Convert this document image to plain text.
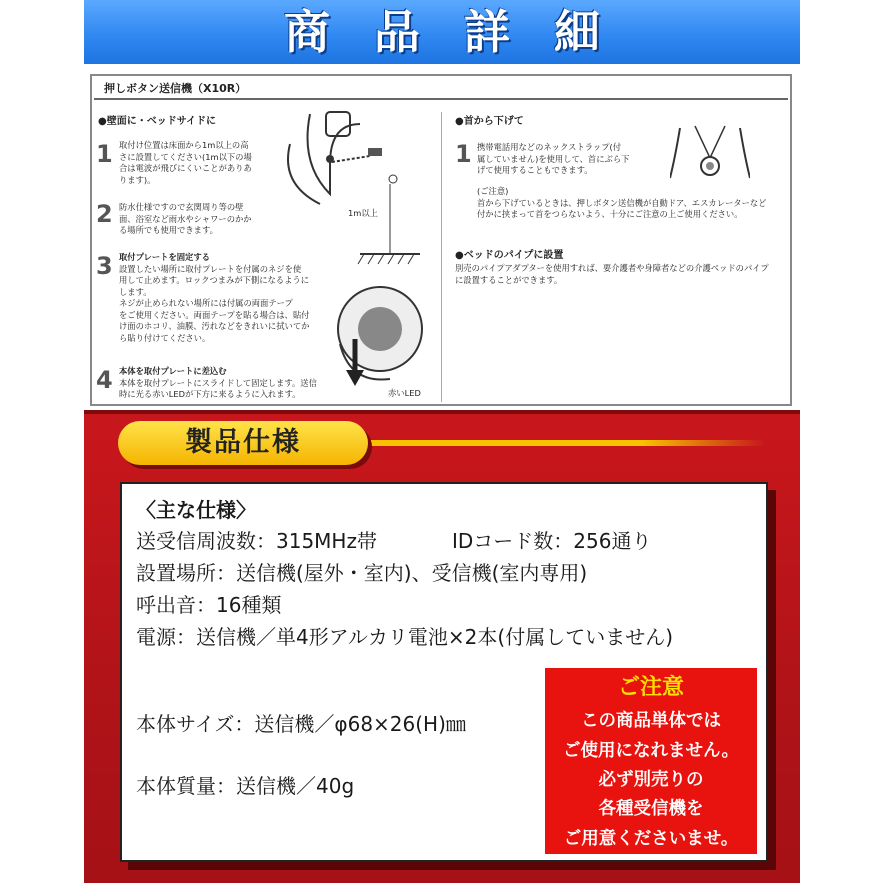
商品詳細
押しボタン送信機（X10R）
●壁面に・ベッドサイドに
1 取付け位置は床面から1m以上の高
さに設置してください(1m以下の場
合は電波が飛びにくいことがありあ
ります)。
2 防水仕様ですので玄関周り等の壁
面、浴室など雨水やシャワーのかか
る場所でも使用できます。
3 取付プレートを固定する
設置したい場所に取付プレートを付属のネジを使
用して止めます。ロックつまみが下側になるように
します。
ネジが止められない場所には付属の両面テープ
をご使用ください。両面テープを貼る場合は、貼付
け面のホコリ、油膜、汚れなどをきれいに拭いてか
ら貼り付けてください。
4 本体を取付プレートに差込む
本体を取付プレートにスライドして固定します。送信
時に光る赤いLEDが下方に来るように入れます。
1m以上
赤いLED
●首から下げて
1 携帯電話用などのネックストラップ(付
属していません)を使用して、首にぶら下
げて使用することもできます。
(ご注意)
首から下げているときは、押しボタン送信機が自動ドア、エスカレーターなど
付かに挟まって首をつらないよう、十分にご注意の上ご使用ください。
●ベッドのパイプに設置
別売のパイプアダプターを使用すれば、要介護者や身障者などの介護ベッドのパイプ
に設置することができます。
製品仕様
〈主な仕様〉
送受信周波数：315MHz帯	IDコード数：256通り
設置場所：送信機(屋外・室内)、受信機(室内専用)
呼出音：16種類
電源：送信機／単4形アルカリ電池×2本(付属していません)
本体サイズ：送信機／φ68×26(H)㎜
本体質量：送信機／40g
ご注意
この商品単体では
ご使用になれません。
必ず別売りの
各種受信機を
ご用意くださいませ。
